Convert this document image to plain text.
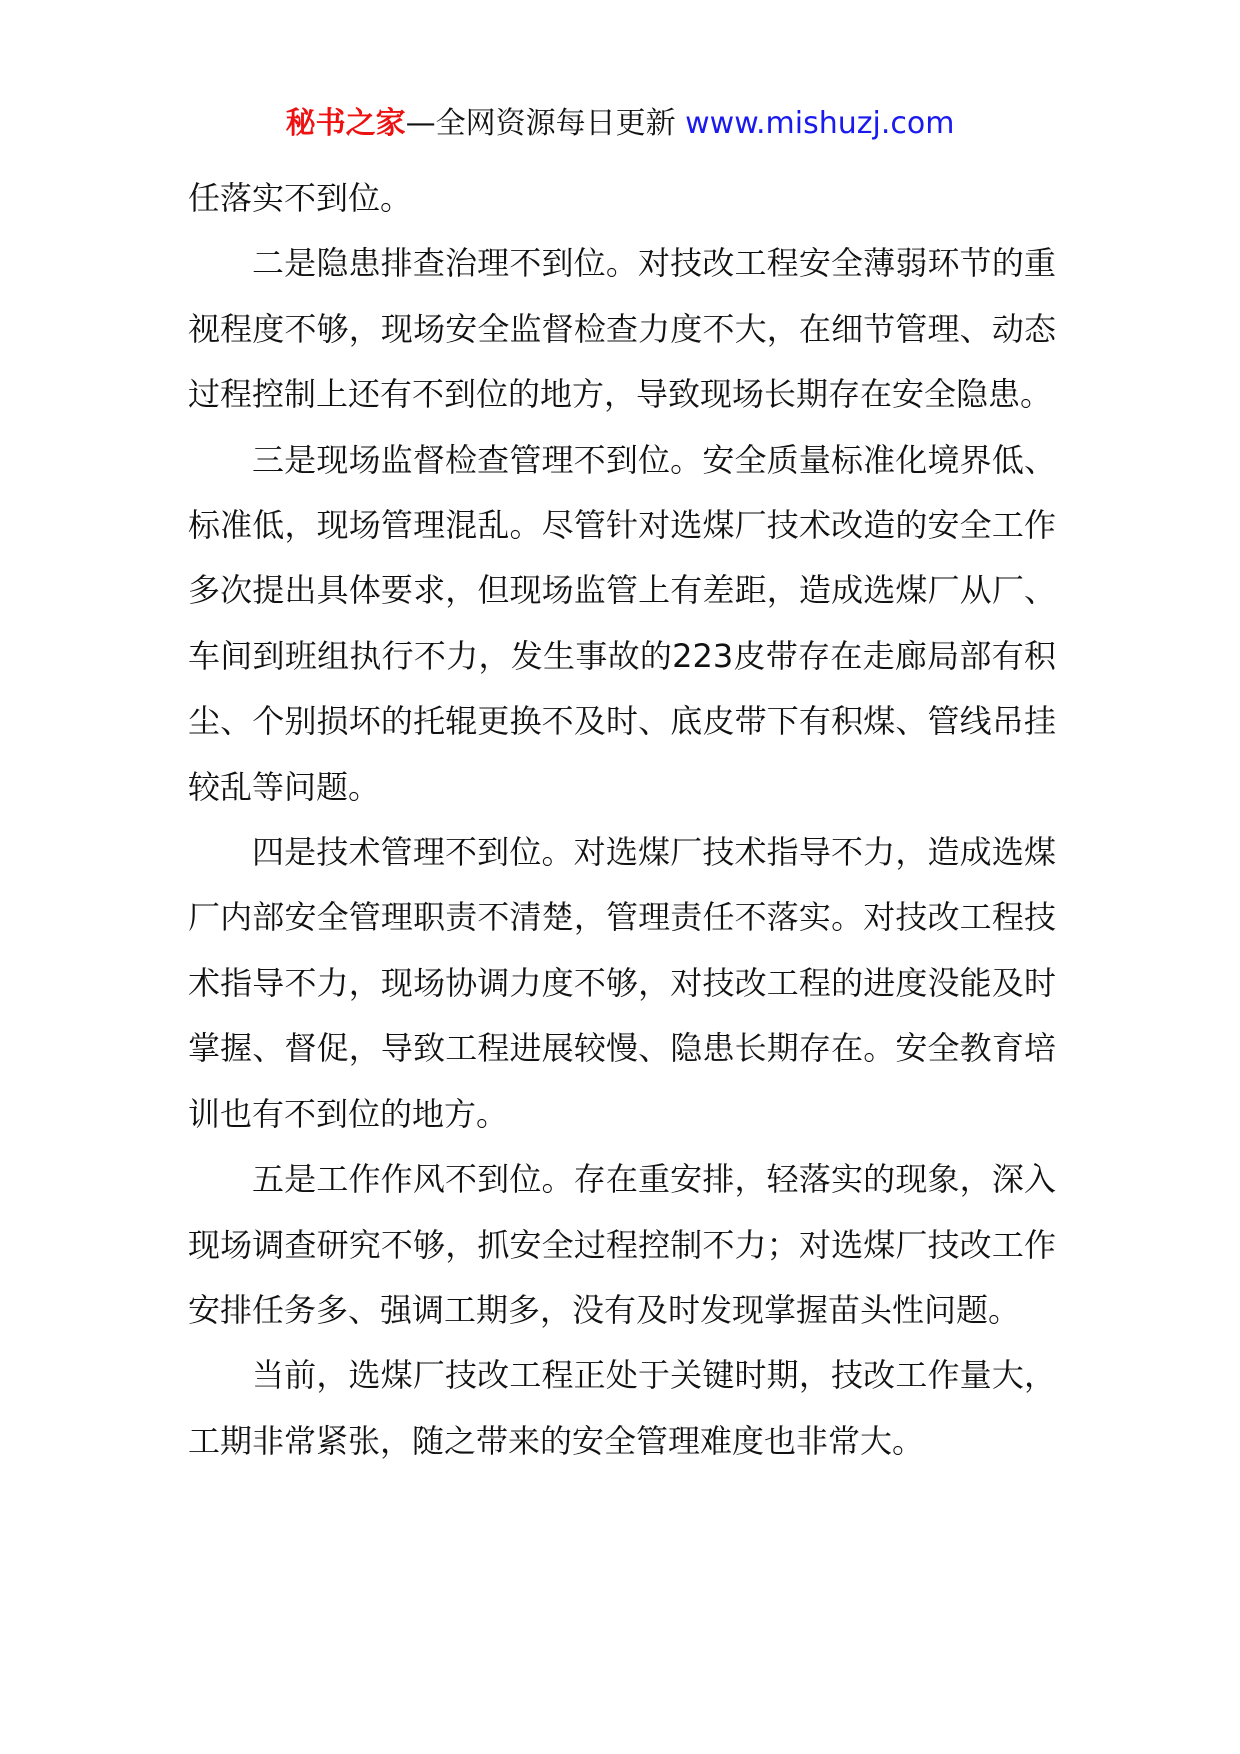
秘书之家—全网资源每日更新 www.mishuzj.com

任落实不到位。

二是隐患排查治理不到位。对技改工程安全薄弱环节的重视程度不够，现场安全监督检查力度不大，在细节管理、动态过程控制上还有不到位的地方，导致现场长期存在安全隐患。

三是现场监督检查管理不到位。安全质量标准化境界低、标准低，现场管理混乱。尽管针对选煤厂技术改造的安全工作多次提出具体要求，但现场监管上有差距，造成选煤厂从厂、车间到班组执行不力，发生事故的223皮带存在走廊局部有积尘、个别损坏的托辊更换不及时、底皮带下有积煤、管线吊挂较乱等问题。

四是技术管理不到位。对选煤厂技术指导不力，造成选煤厂内部安全管理职责不清楚，管理责任不落实。对技改工程技术指导不力，现场协调力度不够，对技改工程的进度没能及时掌握、督促，导致工程进展较慢、隐患长期存在。安全教育培训也有不到位的地方。

五是工作作风不到位。存在重安排，轻落实的现象，深入现场调查研究不够，抓安全过程控制不力；对选煤厂技改工作安排任务多、强调工期多，没有及时发现掌握苗头性问题。

当前，选煤厂技改工程正处于关键时期，技改工作量大，工期非常紧张，随之带来的安全管理难度也非常大。
